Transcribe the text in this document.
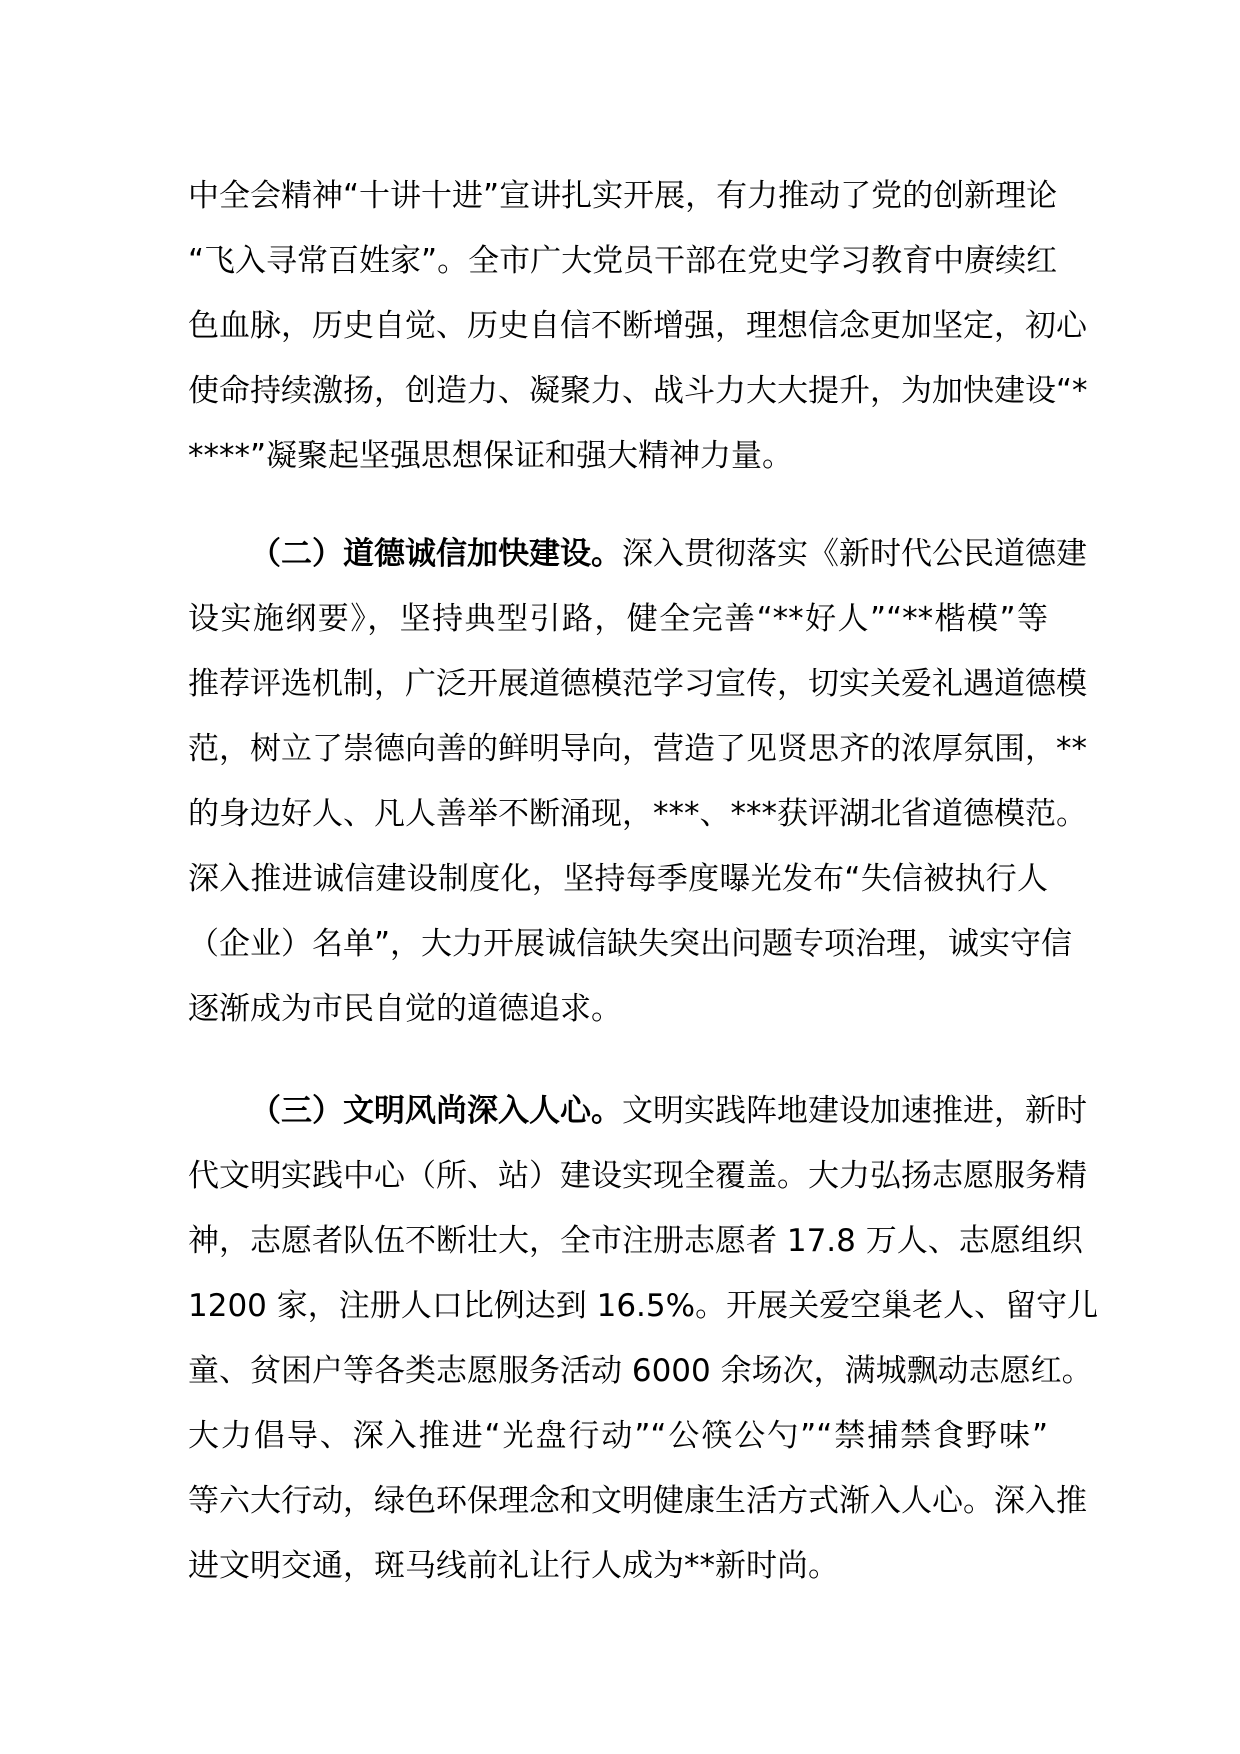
中全会精神“十讲十进”宣讲扎实开展，有力推动了党的创新理论
“飞入寻常百姓家”。全市广大党员干部在党史学习教育中赓续红
色血脉，历史自觉、历史自信不断增强，理想信念更加坚定，初心
使命持续激扬，创造力、凝聚力、战斗力大大提升，为加快建设“*
****”凝聚起坚强思想保证和强大精神力量。
（二）道德诚信加快建设。深入贯彻落实《新时代公民道德建
设实施纲要》，坚持典型引路，健全完善“**好人”“**楷模”等
推荐评选机制，广泛开展道德模范学习宣传，切实关爱礼遇道德模
范，树立了崇德向善的鲜明导向，营造了见贤思齐的浓厚氛围，**
的身边好人、凡人善举不断涌现，***、***获评湖北省道德模范。
深入推进诚信建设制度化，坚持每季度曝光发布“失信被执行人
（企业）名单”，大力开展诚信缺失突出问题专项治理，诚实守信
逐渐成为市民自觉的道德追求。
（三）文明风尚深入人心。文明实践阵地建设加速推进，新时
代文明实践中心（所、站）建设实现全覆盖。大力弘扬志愿服务精
神，志愿者队伍不断壮大，全市注册志愿者 17.8 万人、志愿组织
1200 家，注册人口比例达到 16.5%。开展关爱空巢老人、留守儿
童、贫困户等各类志愿服务活动 6000 余场次，满城飘动志愿红。
大力倡导、深入推进“光盘行动”“公筷公勺”“禁捕禁食野味”
等六大行动，绿色环保理念和文明健康生活方式渐入人心。深入推
进文明交通，斑马线前礼让行人成为**新时尚。
